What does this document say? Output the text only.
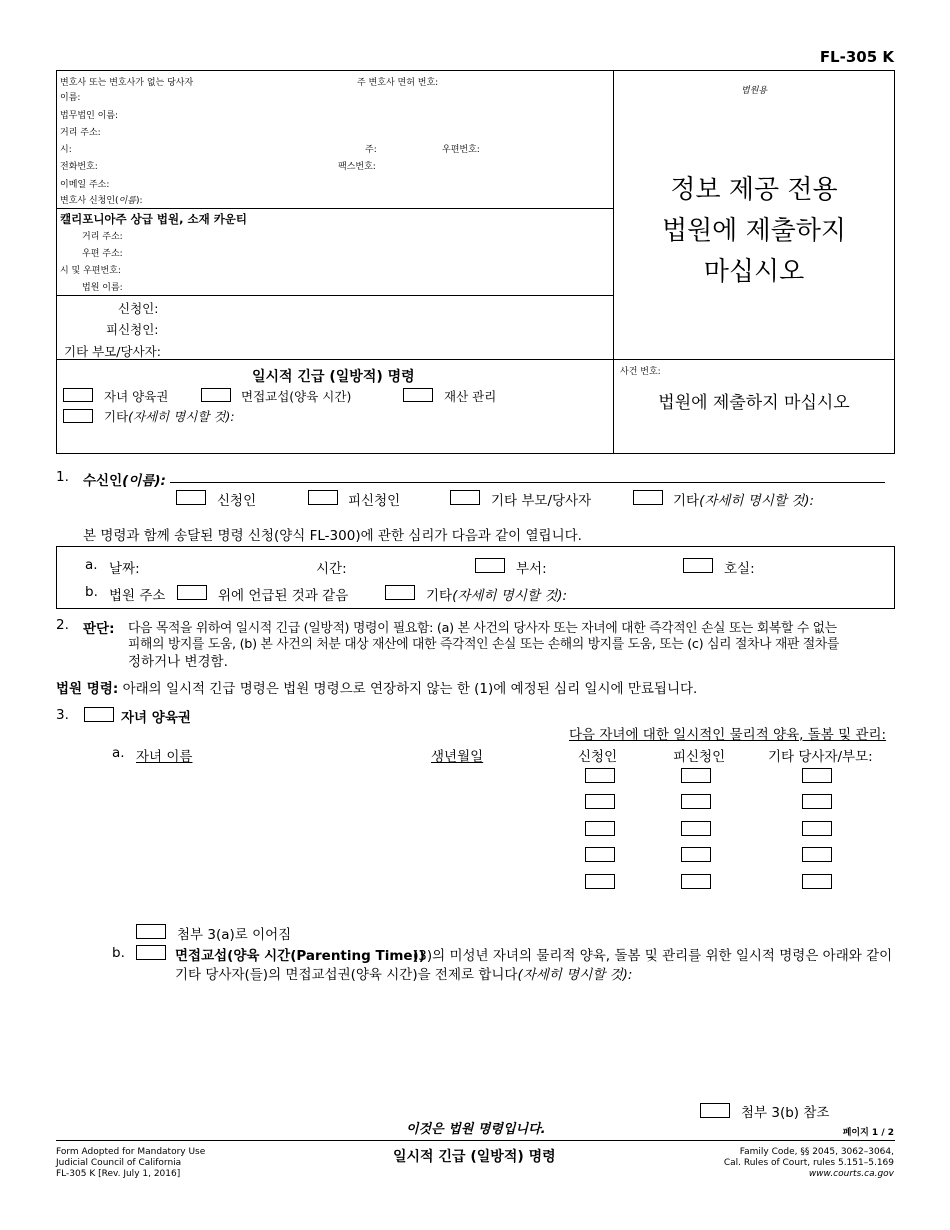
FL-305 K
변호사 또는 변호사가 없는 당사자	주 변호사 면허 번호:
이름:
법무법인 이름:
거리 주소:
시:	주:	우편번호:
전화번호:	팩스번호:
이메일 주소:
변호사 신청인(이름):
캘리포니아주 상급 법원, 소재 카운티
거리 주소:
우편 주소:
시 및 우편번호:
법원 이름:
신청인:
피신청인:
기타 부모/당사자:
일시적 긴급 (일방적) 명령
자녀 양육권	면접교섭(양육 시간)	재산 관리
기타(자세히 명시할 것):
법원용
정보 제공 전용
법원에 제출하지
마십시오
사건 번호:
법원에 제출하지 마십시오
1. 수신인(이름):
신청인	피신청인	기타 부모/당사자	기타(자세히 명시할 것):
본 명령과 함께 송달된 명령 신청(양식 FL-300)에 관한 심리가 다음과 같이 열립니다.
a. 날짜:	시간:	부서:	호실:
b. 법원 주소	위에 언급된 것과 같음	기타(자세히 명시할 것):
2. 판단: 다음 목적을 위하여 일시적 긴급 (일방적) 명령이 필요함: (a) 본 사건의 당사자 또는 자녀에 대한 즉각적인 손실 또는 회복할 수 없는
피해의 방지를 도움, (b) 본 사건의 처분 대상 재산에 대한 즉각적인 손실 또는 손해의 방지를 도움, 또는 (c) 심리 절차나 재판 절차를
정하거나 변경함.
법원 명령: 아래의 일시적 긴급 명령은 법원 명령으로 연장하지 않는 한 (1)에 예정된 심리 일시에 만료됩니다.
3.	자녀 양육권
다음 자녀에 대한 일시적인 물리적 양육, 돌봄 및 관리:
a. 자녀 이름	생년월일	신청인	피신청인	기타 당사자/부모:
첨부 3(a)로 이어짐
b.	면접교섭(양육 시간(Parenting Time))
(3)의 미성년 자녀의 물리적 양육, 돌봄 및 관리를 위한 일시적 명령은 아래와 같이
기타 당사자(들)의 면접교섭권(양육 시간)을 전제로 합니다(자세히 명시할 것):
첨부 3(b) 참조
이것은 법원 명령입니다.	페이지 1 / 2
Form Adopted for Mandatory Use
Judicial Council of California
FL-305 K [Rev. July 1, 2016]
일시적 긴급 (일방적) 명령	Family Code, §§ 2045, 3062–3064,
Cal. Rules of Court, rules 5.151–5.169
www.courts.ca.gov
